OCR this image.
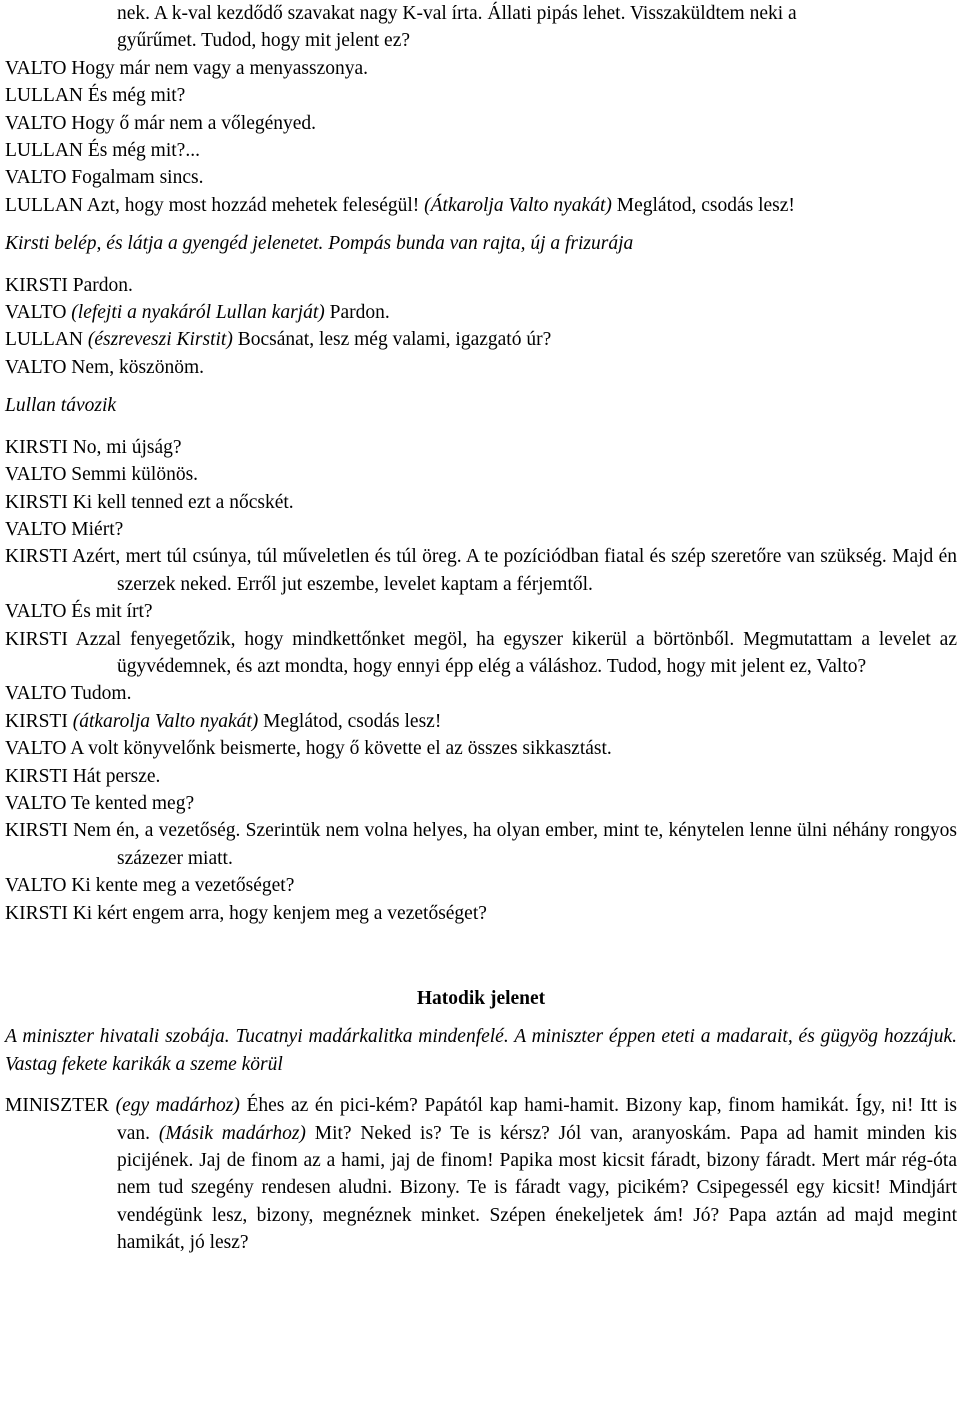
nek. A k-val kezdődő szavakat nagy K-val írta. Állati pipás lehet. Visszaküldtem neki a
gyűrűmet. Tudod, hogy mit jelent ez?
VALTO Hogy már nem vagy a menyasszonya.
LULLAN És még mit?
VALTO Hogy ő már nem a vőlegényed.
LULLAN És még mit?...
VALTO Fogalmam sincs.
LULLAN Azt, hogy most hozzád mehetek feleségül! (Átkarolja Valto nyakát) Meglátod, csodás lesz!
Kirsti belép, és látja a gyengéd jelenetet. Pompás bunda van rajta, új a frizurája
KIRSTI Pardon.
VALTO (lefejti a nyakáról Lullan karját) Pardon.
LULLAN (észreveszi Kirstit) Bocsánat, lesz még valami, igazgató úr?
VALTO Nem, köszönöm.
Lullan távozik
KIRSTI No, mi újság?
VALTO Semmi különös.
KIRSTI Ki kell tenned ezt a nőcskét.
VALTO Miért?
KIRSTI Azért, mert túl csúnya, túl műveletlen és túl öreg. A te pozíciódban fiatal és szép szeretőre van szükség. Majd én szerzek neked. Erről jut eszembe, levelet kaptam a férjemtől.
VALTO És mit írt?
KIRSTI Azzal fenyegetőzik, hogy mindkettőnket megöl, ha egyszer kikerül a börtönből. Megmutattam a levelet az ügyvédemnek, és azt mondta, hogy ennyi épp elég a váláshoz. Tudod, hogy mit jelent ez, Valto?
VALTO Tudom.
KIRSTI (átkarolja Valto nyakát) Meglátod, csodás lesz!
VALTO A volt könyvelőnk beismerte, hogy ő követte el az összes sikkasztást.
KIRSTI Hát persze.
VALTO Te kented meg?
KIRSTI Nem én, a vezetőség. Szerintük nem volna helyes, ha olyan ember, mint te, kénytelen lenne ülni néhány rongyos százezer miatt.
VALTO Ki kente meg a vezetőséget?
KIRSTI Ki kért engem arra, hogy kenjem meg a vezetőséget?
Hatodik jelenet
A miniszter hivatali szobája. Tucatnyi madárkalitka mindenfelé. A miniszter éppen eteti a madarait, és gügyög hozzájuk. Vastag fekete karikák a szeme körül
MINISZTER (egy madárhoz) Éhes az én pici-kém? Papától kap hami-hamit. Bizony kap, finom hamikát. Így, ni! Itt is van. (Másik madárhoz) Mit? Neked is? Te is kérsz? Jól van, aranyoskám. Papa ad hamit minden kis picijének. Jaj de finom az a hami, jaj de finom! Papika most kicsit fáradt, bizony fáradt. Mert már rég-óta nem tud szegény rendesen aludni. Bizony. Te is fáradt vagy, picikém? Csipegessél egy kicsit! Mindjárt vendégünk lesz, bizony, megnéznek minket. Szépen énekeljetek ám! Jó? Papa aztán ad majd megint hamikát, jó lesz?
